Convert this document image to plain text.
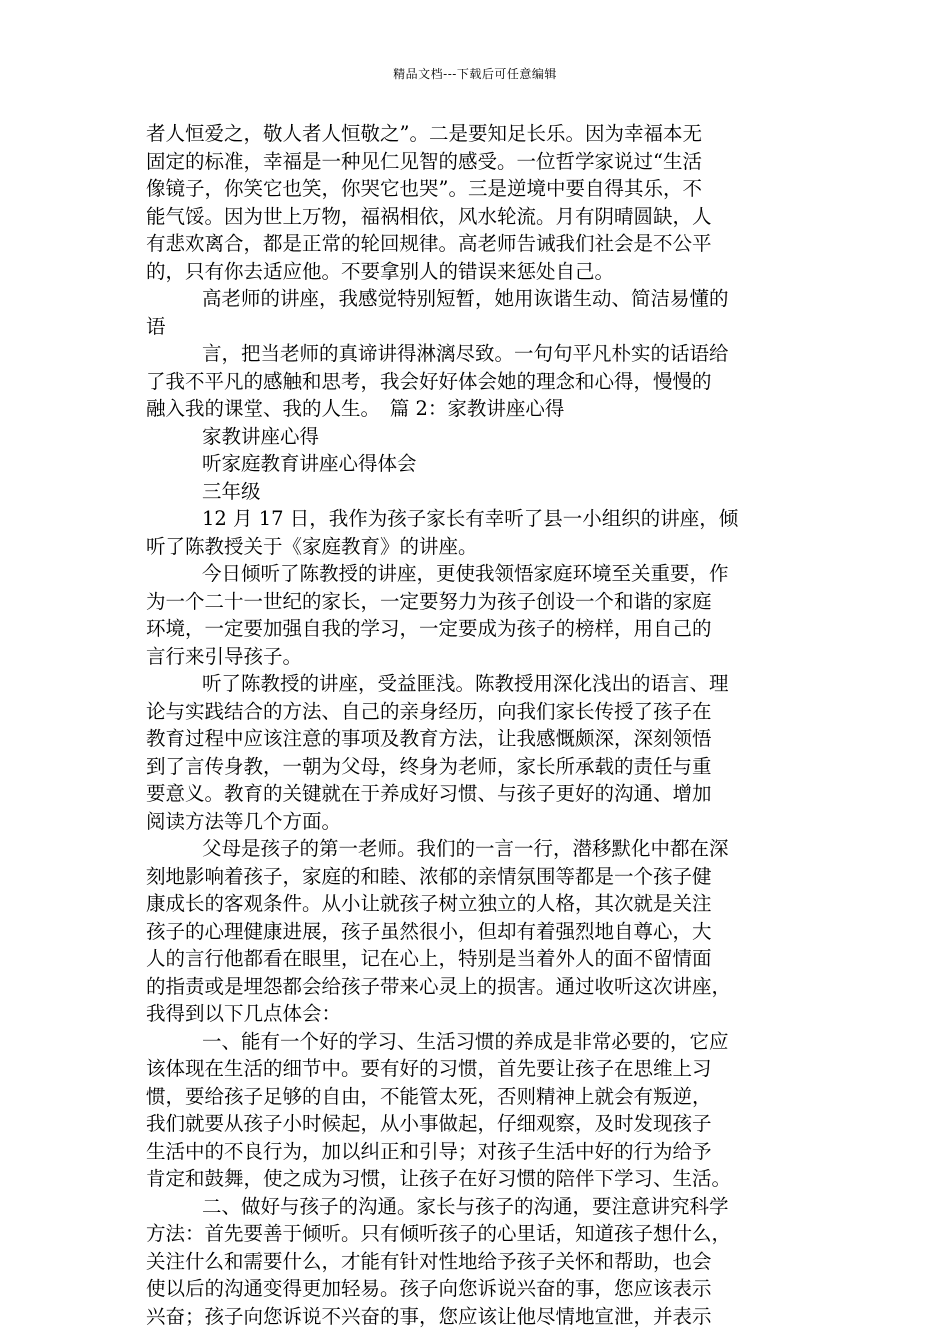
精品文档---下载后可任意编辑
者人恒爱之，敬人者人恒敬之”。二是要知足长乐。因为幸福本无
固定的标准，幸福是一种见仁见智的感受。一位哲学家说过“生活
像镜子，你笑它也笑，你哭它也哭”。三是逆境中要自得其乐，不
能气馁。因为世上万物，福祸相依，风水轮流。月有阴晴圆缺，人
有悲欢离合，都是正常的轮回规律。高老师告诫我们社会是不公平
的，只有你去适应他。不要拿别人的错误来惩处自己。
高老师的讲座，我感觉特别短暂，她用诙谐生动、简洁易懂的
语
言，把当老师的真谛讲得淋漓尽致。一句句平凡朴实的话语给
了我不平凡的感触和思考，我会好好体会她的理念和心得，慢慢的
融入我的课堂、我的人生。　篇 2：家教讲座心得
家教讲座心得
听家庭教育讲座心得体会
三年级
12 月 17 日，我作为孩子家长有幸听了县一小组织的讲座，倾
听了陈教授关于《家庭教育》的讲座。
今日倾听了陈教授的讲座，更使我领悟家庭环境至关重要，作
为一个二十一世纪的家长，一定要努力为孩子创设一个和谐的家庭
环境，一定要加强自我的学习，一定要成为孩子的榜样，用自己的
言行来引导孩子。
听了陈教授的讲座，受益匪浅。陈教授用深化浅出的语言、理
论与实践结合的方法、自己的亲身经历，向我们家长传授了孩子在
教育过程中应该注意的事项及教育方法，让我感慨颇深，深刻领悟
到了言传身教，一朝为父母，终身为老师，家长所承载的责任与重
要意义。教育的关键就在于养成好习惯、与孩子更好的沟通、增加
阅读方法等几个方面。
父母是孩子的第一老师。我们的一言一行，潜移默化中都在深
刻地影响着孩子，家庭的和睦、浓郁的亲情氛围等都是一个孩子健
康成长的客观条件。从小让就孩子树立独立的人格，其次就是关注
孩子的心理健康进展，孩子虽然很小，但却有着强烈地自尊心，大
人的言行他都看在眼里，记在心上，特别是当着外人的面不留情面
的指责或是埋怨都会给孩子带来心灵上的损害。通过收听这次讲座，
我得到以下几点体会：
一、能有一个好的学习、生活习惯的养成是非常必要的，它应
该体现在生活的细节中。要有好的习惯，首先要让孩子在思维上习
惯，要给孩子足够的自由，不能管太死，否则精神上就会有叛逆，
我们就要从孩子小时候起，从小事做起，仔细观察，及时发现孩子
生活中的不良行为，加以纠正和引导；对孩子生活中好的行为给予
肯定和鼓舞，使之成为习惯，让孩子在好习惯的陪伴下学习、生活。
二、做好与孩子的沟通。家长与孩子的沟通，要注意讲究科学
方法：首先要善于倾听。只有倾听孩子的心里话，知道孩子想什么，
关注什么和需要什么，才能有针对性地给予孩子关怀和帮助，也会
使以后的沟通变得更加轻易。孩子向您诉说兴奋的事，您应该表示
兴奋；孩子向您诉说不兴奋的事，您应该让他尽情地宣泄，并表示
